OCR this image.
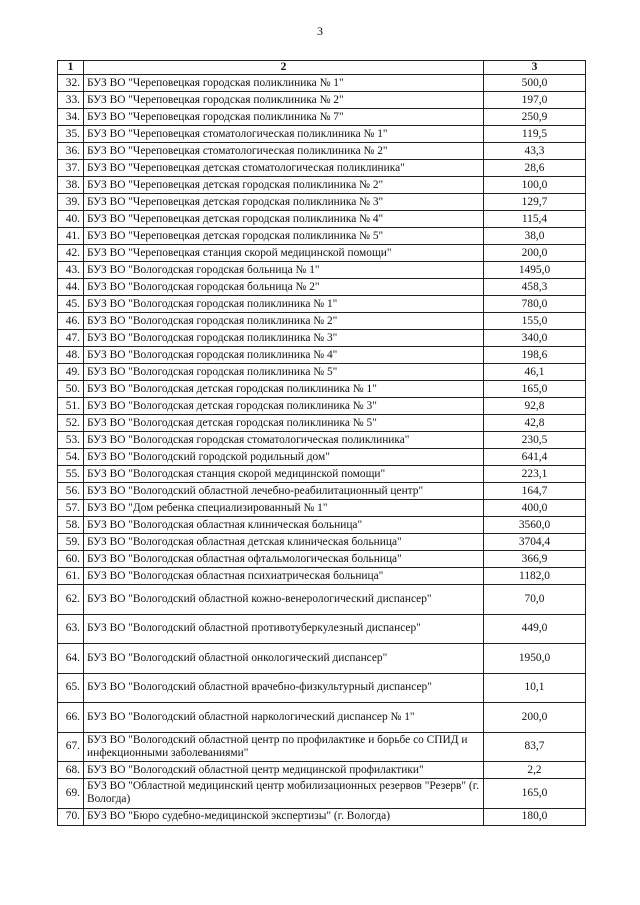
3
1	2	3
32.	БУЗ ВО "Череповецкая городская поликлиника № 1"	500,0
33.	БУЗ ВО "Череповецкая городская поликлиника № 2"	197,0
34.	БУЗ ВО "Череповецкая городская поликлиника № 7"	250,9
35.	БУЗ ВО "Череповецкая стоматологическая поликлиника № 1"	119,5
36.	БУЗ ВО "Череповецкая стоматологическая поликлиника № 2"	43,3
37.	БУЗ ВО "Череповецкая детская стоматологическая поликлиника"	28,6
38.	БУЗ ВО "Череповецкая детская городская поликлиника № 2"	100,0
39.	БУЗ ВО "Череповецкая детская городская поликлиника № 3"	129,7
40.	БУЗ ВО "Череповецкая детская городская поликлиника № 4"	115,4
41.	БУЗ ВО "Череповецкая детская городская поликлиника № 5"	38,0
42.	БУЗ ВО "Череповецкая станция скорой медицинской помощи"	200,0
43.	БУЗ ВО "Вологодская городская больница № 1"	1495,0
44.	БУЗ ВО "Вологодская городская больница № 2"	458,3
45.	БУЗ ВО "Вологодская городская поликлиника № 1"	780,0
46.	БУЗ ВО "Вологодская городская поликлиника № 2"	155,0
47.	БУЗ ВО "Вологодская городская поликлиника № 3"	340,0
48.	БУЗ ВО "Вологодская городская поликлиника № 4"	198,6
49.	БУЗ ВО "Вологодская городская поликлиника № 5"	46,1
50.	БУЗ ВО "Вологодская детская городская поликлиника № 1"	165,0
51.	БУЗ ВО "Вологодская детская городская поликлиника № 3"	92,8
52.	БУЗ ВО "Вологодская детская городская поликлиника № 5"	42,8
53.	БУЗ ВО "Вологодская городская стоматологическая поликлиника"	230,5
54.	БУЗ ВО "Вологодский городской родильный дом"	641,4
55.	БУЗ ВО "Вологодская станция скорой медицинской помощи"	223,1
56.	БУЗ ВО "Вологодский областной лечебно-реабилитационный центр"	164,7
57.	БУЗ ВО "Дом ребенка специализированный № 1"	400,0
58.	БУЗ ВО "Вологодская областная клиническая больница"	3560,0
59.	БУЗ ВО "Вологодская областная детская клиническая больница"	3704,4
60.	БУЗ ВО "Вологодская областная офтальмологическая больница"	366,9
61.	БУЗ ВО "Вологодская областная психиатрическая больница"	1182,0
62.	БУЗ ВО "Вологодский областной кожно-венерологический диспансер"	70,0
63.	БУЗ ВО "Вологодский областной противотуберкулезный диспансер"	449,0
64.	БУЗ ВО "Вологодский областной онкологический диспансер"	1950,0
65.	БУЗ ВО "Вологодский областной врачебно-физкультурный диспансер"	10,1
66.	БУЗ ВО "Вологодский областной наркологический диспансер № 1"	200,0
67.	БУЗ ВО "Вологодский областной центр по профилактике и борьбе со СПИД и инфекционными заболеваниями"	83,7
68.	БУЗ ВО "Вологодский областной центр медицинской профилактики"	2,2
69.	БУЗ ВО "Областной медицинский центр мобилизационных резервов "Резерв" (г. Вологда)	165,0
70.	БУЗ ВО "Бюро судебно-медицинской экспертизы" (г. Вологда)	180,0
